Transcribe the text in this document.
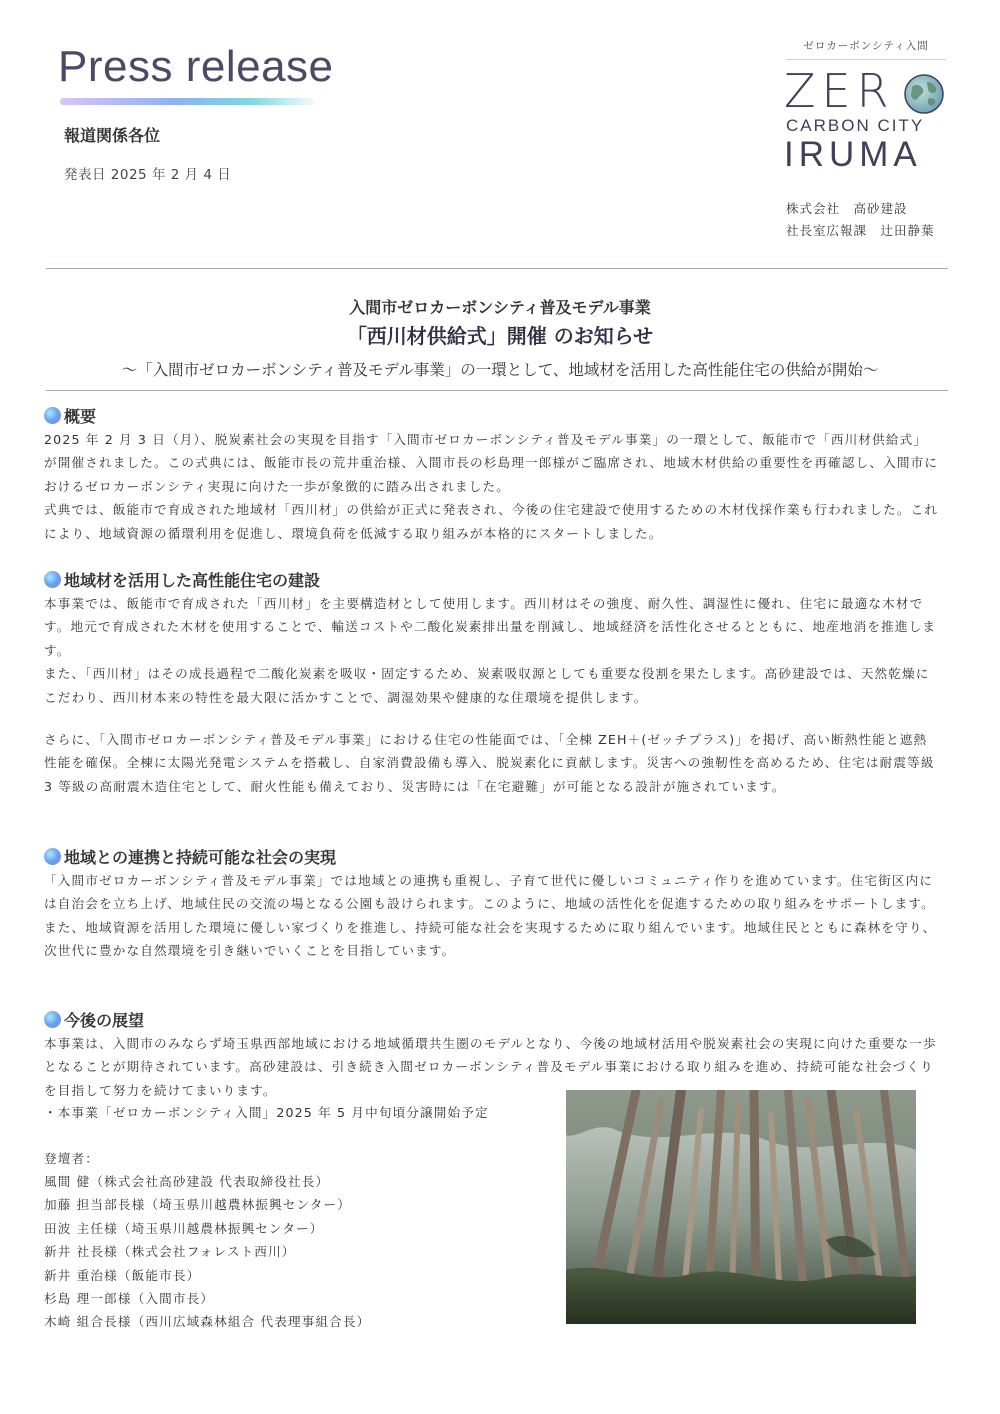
Press release
報道関係各位
発表日 2025 年 2 月 4 日
ゼロカーボンシティ入間
ZER
CARBON CITY
IRUMA
株式会社　高砂建設
社長室広報課　辻田静葉
入間市ゼロカーボンシティ普及モデル事業
「西川材供給式」開催 のお知らせ
～「入間市ゼロカーボンシティ普及モデル事業」の一環として、地域材を活用した高性能住宅の供給が開始～
概要
2025 年 2 月 3 日（月）、脱炭素社会の実現を目指す「入間市ゼロカーボンシティ普及モデル事業」の一環として、飯能市で「西川材供給式」が開催されました。この式典には、飯能市長の荒井重治様、入間市長の杉島理一郎様がご臨席され、地域木材供給の重要性を再確認し、入間市におけるゼロカーボンシティ実現に向けた一歩が象徴的に踏み出されました。
式典では、飯能市で育成された地域材「西川材」の供給が正式に発表され、今後の住宅建設で使用するための木材伐採作業も行われました。これにより、地域資源の循環利用を促進し、環境負荷を低減する取り組みが本格的にスタートしました。
地域材を活用した高性能住宅の建設
本事業では、飯能市で育成された「西川材」を主要構造材として使用します。西川材はその強度、耐久性、調湿性に優れ、住宅に最適な木材です。地元で育成された木材を使用することで、輸送コストや二酸化炭素排出量を削減し、地域経済を活性化させるとともに、地産地消を推進します。
また、「西川材」はその成長過程で二酸化炭素を吸収・固定するため、炭素吸収源としても重要な役割を果たします。高砂建設では、天然乾燥にこだわり、西川材本来の特性を最大限に活かすことで、調湿効果や健康的な住環境を提供します。
さらに、「入間市ゼロカーボンシティ普及モデル事業」における住宅の性能面では、「全棟 ZEH＋(ゼッチプラス)」を掲げ、高い断熱性能と遮熱性能を確保。全棟に太陽光発電システムを搭載し、自家消費設備も導入、脱炭素化に貢献します。災害への強靭性を高めるため、住宅は耐震等級 3 等級の高耐震木造住宅として、耐火性能も備えており、災害時には「在宅避難」が可能となる設計が施されています。
地域との連携と持続可能な社会の実現
「入間市ゼロカーボンシティ普及モデル事業」では地域との連携も重視し、子育て世代に優しいコミュニティ作りを進めています。住宅街区内には自治会を立ち上げ、地域住民の交流の場となる公園も設けられます。このように、地域の活性化を促進するための取り組みをサポートします。
また、地域資源を活用した環境に優しい家づくりを推進し、持続可能な社会を実現するために取り組んでいます。地域住民とともに森林を守り、次世代に豊かな自然環境を引き継いでいくことを目指しています。
今後の展望
本事業は、入間市のみならず埼玉県西部地域における地域循環共生圏のモデルとなり、今後の地域材活用や脱炭素社会の実現に向けた重要な一歩となることが期待されています。高砂建設は、引き続き入間ゼロカーボンシティ普及モデル事業における取り組みを進め、持続可能な社会づくりを目指して努力を続けてまいります。
・本事業「ゼロカーボンシティ入間」2025 年 5 月中旬頃分譲開始予定
登壇者：
風間 健（株式会社高砂建設 代表取締役社長）
加藤 担当部長様（埼玉県川越農林振興センター）
田波 主任様（埼玉県川越農林振興センター）
新井 社長様（株式会社フォレスト西川）
新井 重治様（飯能市長）
杉島 理一郎様（入間市長）
木崎 組合長様（西川広域森林組合 代表理事組合長）
